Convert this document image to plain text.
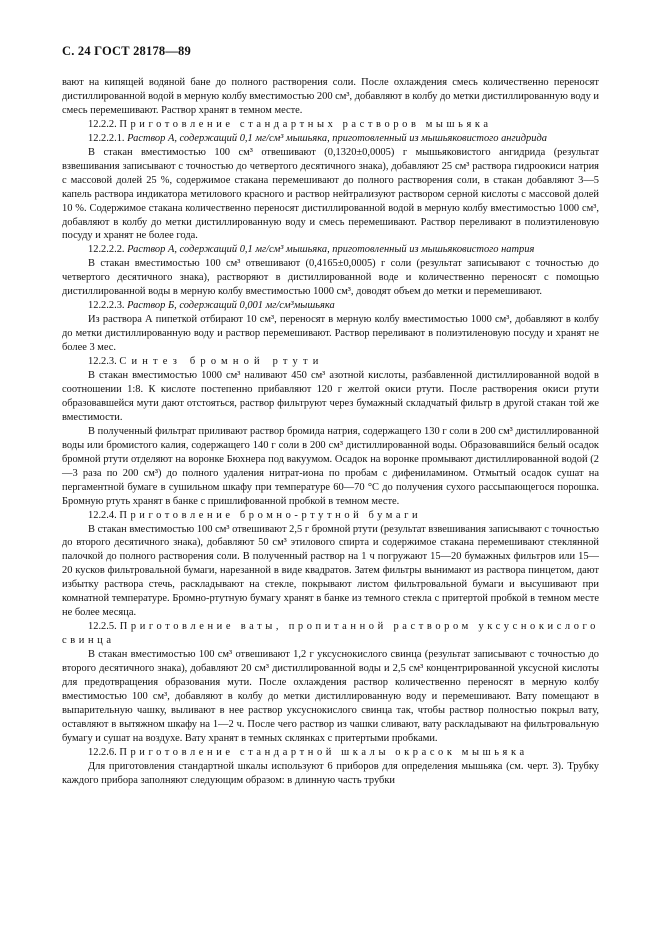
С. 24 ГОСТ 28178—89

вают на кипящей водяной бане до полного растворения соли. После охлаждения смесь количественно переносят дистиллированной водой в мерную колбу вместимостью 200 см³, добавляют в колбу до метки дистиллированную воду и смесь перемешивают. Раствор хранят в темном месте.

12.2.2. Приготовление стандартных растворов мышьяка

12.2.2.1. Раствор А, содержащий 0,1 мг/см³ мышьяка, приготовленный из мышьяковистого ангидрида

В стакан вместимостью 100 см³ отвешивают (0,1320±0,0005) г мышьяковистого ангидрида (результат взвешивания записывают с точностью до четвертого десятичного знака), добавляют 25 см³ раствора гидроокиси натрия с массовой долей 25 %, содержимое стакана перемешивают до полного растворения соли, в стакан добавляют 3—5 капель раствора индикатора метилового красного и раствор нейтрализуют раствором серной кислоты с массовой долей 10 %. Содержимое стакана количественно переносят дистиллированной водой в мерную колбу вместимостью 1000 см³, добавляют в колбу до метки дистиллированную воду и смесь перемешивают. Раствор переливают в полиэтиленовую посуду и хранят не более года.

12.2.2.2. Раствор А, содержащий 0,1 мг/см³ мышьяка, приготовленный из мышьяковистого натрия

В стакан вместимостью 100 см³ отвешивают (0,4165±0,0005) г соли (результат записывают с точностью до четвертого десятичного знака), растворяют в дистиллированной воде и количественно переносят с помощью дистиллированной воды в мерную колбу вместимостью 1000 см³, доводят объем до метки и перемешивают.

12.2.2.3. Раствор Б, содержащий 0,001 мг/см³мышьяка

Из раствора А пипеткой отбирают 10 см³, переносят в мерную колбу вместимостью 1000 см³, добавляют в колбу до метки дистиллированную воду и раствор перемешивают. Раствор переливают в полиэтиленовую посуду и хранят не более 3 мес.

12.2.3. Синтез бромной ртути

В стакан вместимостью 1000 см³ наливают 450 см³ азотной кислоты, разбавленной дистиллированной водой в соотношении 1:8. К кислоте постепенно прибавляют 120 г желтой окиси ртути. После растворения окиси ртути образовавшейся мути дают отстояться, раствор фильтруют через бумажный складчатый фильтр в другой стакан той же вместимости.

В полученный фильтрат приливают раствор бромида натрия, содержащего 130 г соли в 200 см³ дистиллированной воды или бромистого калия, содержащего 140 г соли в 200 см³ дистиллированной воды. Образовавшийся белый осадок бромной ртути отделяют на воронке Бюхнера под вакуумом. Осадок на воронке промывают дистиллированной водой (2—3 раза по 200 см³) до полного удаления нитрат-иона по пробам с дифениламином. Отмытый осадок сушат на пергаментной бумаге в сушильном шкафу при температуре 60—70 °C до получения сухого рассыпающегося порошка. Бромную ртуть хранят в банке с пришлифованной пробкой в темном месте.

12.2.4. Приготовление бромно-ртутной бумаги

В стакан вместимостью 100 см³ отвешивают 2,5 г бромной ртути (результат взвешивания записывают с точностью до второго десятичного знака), добавляют 50 см³ этилового спирта и содержимое стакана перемешивают стеклянной палочкой до полного растворения соли. В полученный раствор на 1 ч погружают 15—20 бумажных фильтров или 15—20 кусков фильтровальной бумаги, нарезанной в виде квадратов. Затем фильтры вынимают из раствора пинцетом, дают избытку раствора стечь, раскладывают на стекле, покрывают листом фильтровальной бумаги и высушивают при комнатной температуре. Бромно-ртутную бумагу хранят в банке из темного стекла с притертой пробкой в темном месте не более месяца.

12.2.5. Приготовление ваты, пропитанной раствором уксуснокислого свинца

В стакан вместимостью 100 см³ отвешивают 1,2 г уксуснокислого свинца (результат записывают с точностью до второго десятичного знака), добавляют 20 см³ дистиллированной воды и 2,5 см³ концентрированной уксусной кислоты для предотвращения образования мути. После охлаждения раствор количественно переносят в мерную колбу вместимостью 100 см³, добавляют в колбу до метки дистиллированную воду и перемешивают. Вату помещают в выпарительную чашку, выливают в нее раствор уксуснокислого свинца так, чтобы раствор полностью покрыл вату, оставляют в вытяжном шкафу на 1—2 ч. После чего раствор из чашки сливают, вату раскладывают на фильтровальную бумагу и сушат на воздухе. Вату хранят в темных склянках с притертыми пробками.

12.2.6. Приготовление стандартной шкалы окрасок мышьяка

Для приготовления стандартной шкалы используют 6 приборов для определения мышьяка (см. черт. 3). Трубку каждого прибора заполняют следующим образом: в длинную часть трубки
